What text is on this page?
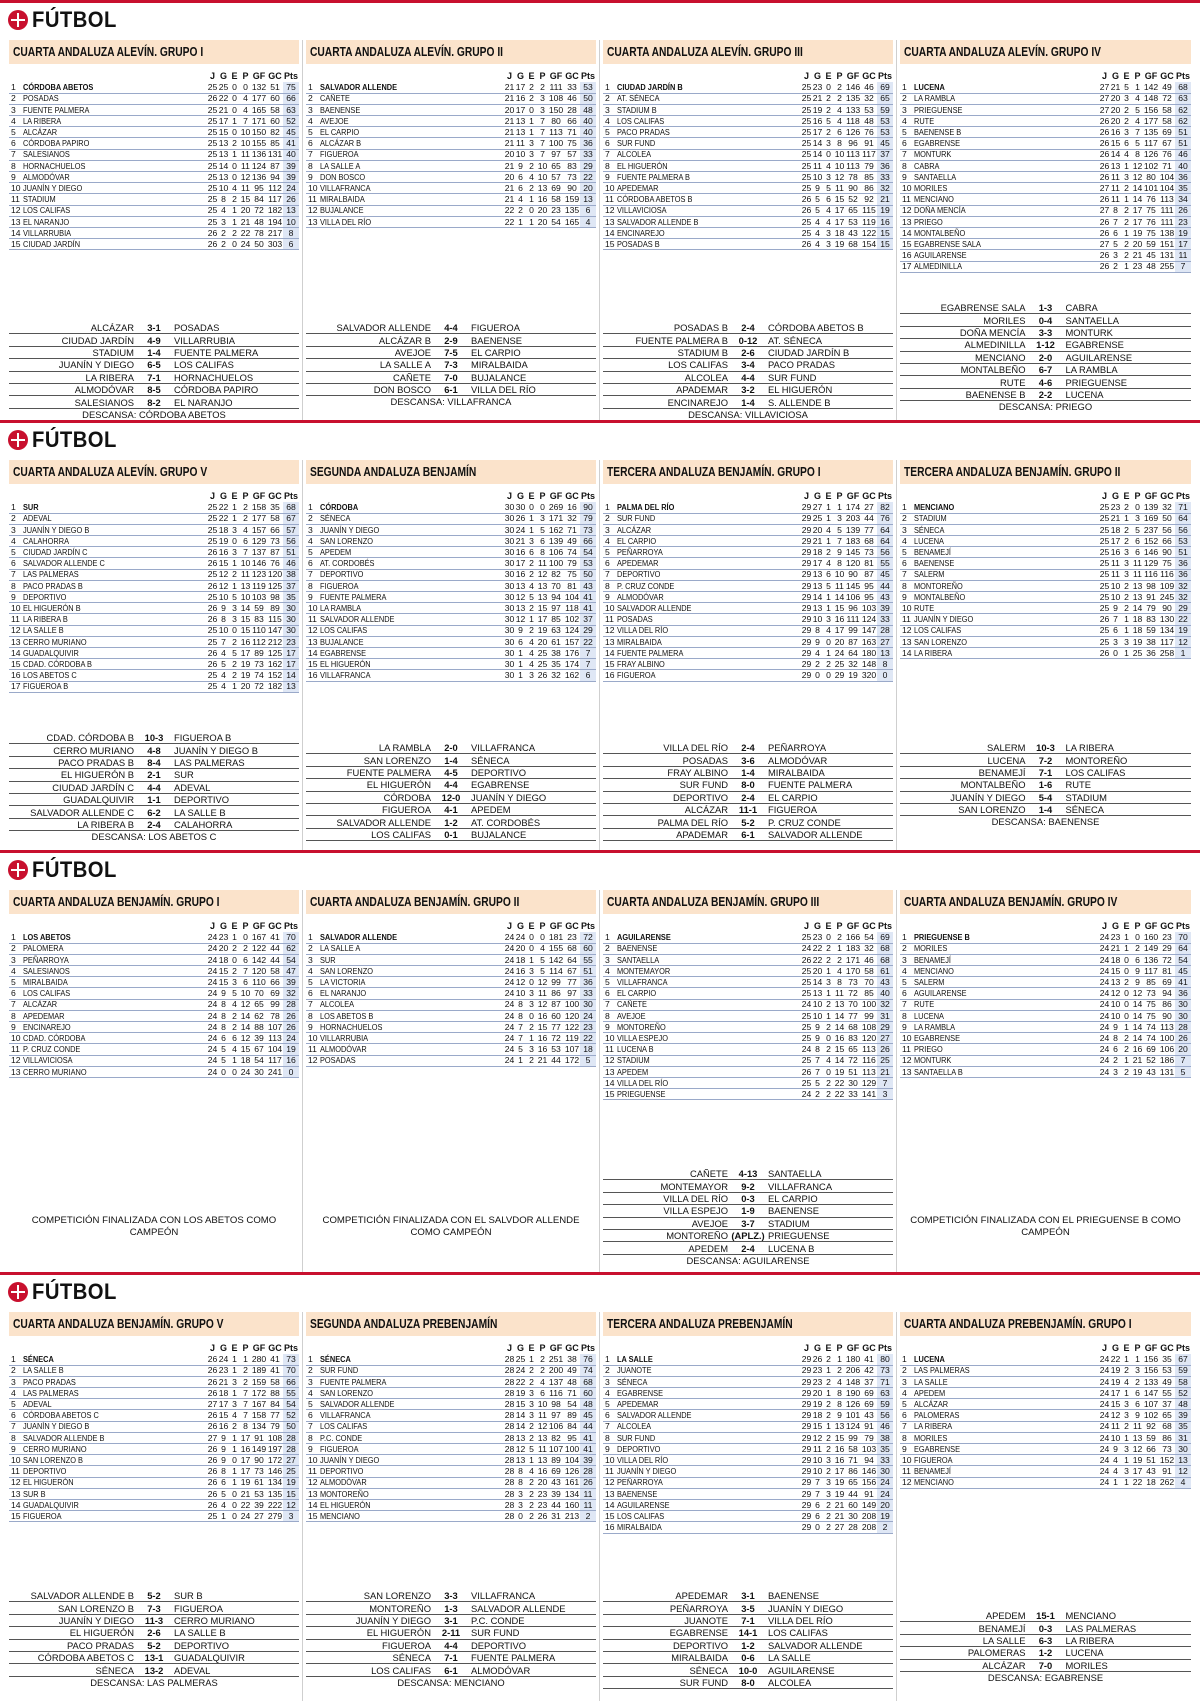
FÚTBOL
CUARTA ANDALUZA ALEVÍN. GRUPO I
		J	G	E	P	GF	GC	Pts
1	CÓRDOBA ABETOS	25	25	0	0	132	51	75
2	POSADAS	26	22	0	4	177	60	66
3	FUENTE PALMERA	25	21	0	4	165	58	63
4	LA RIBERA	25	17	1	7	171	60	52
5	ALCÁZAR	25	15	0	10	150	82	45
6	CÓRDOBA PAPIRO	25	13	2	10	155	85	41
7	SALESIANOS	25	13	1	11	136	131	40
8	HORNACHUELOS	25	14	0	11	124	87	39
9	ALMODÓVAR	25	13	0	12	136	94	39
10	JUANÍN Y DIEGO	25	10	4	11	95	112	24
11	STADIUM	25	8	2	15	84	117	26
12	LOS CALIFAS	25	4	1	20	72	182	13
13	EL NARANJO	25	3	1	21	48	194	10
14	VILLARRUBIA	26	2	2	22	78	217	8
15	CIUDAD JARDÍN	26	2	0	24	50	303	6
ALCÁZAR	3-1	POSADAS
CIUDAD JARDÍN	4-9	VILLARRUBIA
STADIUM	1-4	FUENTE PALMERA
JUANÍN Y DIEGO	6-5	LOS CALIFAS
LA RIBERA	7-1	HORNACHUELOS
ALMODÓVAR	8-5	CÓRDOBA PAPIRO
SALESIANOS	8-2	EL NARANJO
DESCANSA: CÓRDOBA ABETOS
CUARTA ANDALUZA ALEVÍN. GRUPO II
		J	G	E	P	GF	GC	Pts
1	SALVADOR ALLENDE	21	17	2	2	111	33	53
2	CAÑETE	21	16	2	3	108	46	50
3	BAENENSE	20	17	0	3	150	28	48
4	AVEJOE	21	13	1	7	80	66	40
5	EL CARPIO	21	13	1	7	113	71	40
6	ALCÁZAR B	21	11	3	7	100	75	36
7	FIGUEROA	20	10	3	7	97	57	33
8	LA SALLE A	21	9	2	10	65	83	29
9	DON BOSCO	20	6	4	10	57	73	22
10	VILLAFRANCA	21	6	2	13	69	90	20
11	MIRALBAIDA	21	4	1	16	58	159	13
12	BUJALANCE	22	2	0	20	23	135	6
13	VILLA DEL RÍO	22	1	1	20	54	165	4
SALVADOR ALLENDE	4-4	FIGUEROA
ALCÁZAR B	2-9	BAENENSE
AVEJOE	7-5	EL CARPIO
LA SALLE A	7-3	MIRALBAIDA
CAÑETE	7-0	BUJALANCE
DON BOSCO	6-1	VILLA DEL RÍO
DESCANSA: VILLAFRANCA
CUARTA ANDALUZA ALEVÍN. GRUPO III
		J	G	E	P	GF	GC	Pts
1	CIUDAD JARDÍN B	25	23	0	2	146	46	69
2	AT. SÉNECA	25	21	2	2	135	32	65
3	STADIUM B	25	19	2	4	133	53	59
4	LOS CALIFAS	25	16	5	4	118	48	53
5	PACO PRADAS	25	17	2	6	126	76	53
6	SUR FUND	25	14	3	8	96	91	45
7	ALCOLEA	25	14	0	10	113	117	37
8	EL HIGUERÓN	25	11	4	10	113	79	36
9	FUENTE PALMERA B	25	10	3	12	78	85	33
10	APEDEMAR	25	9	5	11	90	86	32
11	CÓRDOBA ABETOS B	26	5	6	15	52	92	21
12	VILLAVICIOSA	26	5	4	17	65	115	19
13	SALVADOR ALLENDE B	25	4	4	17	53	119	16
14	ENCINAREJO	25	4	3	18	43	122	15
15	POSADAS B	26	4	3	19	68	154	15
POSADAS B	2-4	CÓRDOBA ABETOS B
FUENTE PALMERA B	0-12	AT. SÉNECA
STADIUM B	2-6	CIUDAD JARDÍN B
LOS CALIFAS	3-4	PACO PRADAS
ALCOLEA	4-4	SUR FUND
APADEMAR	3-2	EL HIGUERÓN
ENCINAREJO	1-4	S. ALLENDE B
DESCANSA: VILLAVICIOSA
CUARTA ANDALUZA ALEVÍN. GRUPO IV
		J	G	E	P	GF	GC	Pts
1	LUCENA	27	21	5	1	142	49	68
2	LA RAMBLA	27	20	3	4	148	72	63
3	PRIEGUENSE	27	20	2	5	156	58	62
4	RUTE	26	20	2	4	177	58	62
5	BAENENSE B	26	16	3	7	135	69	51
6	EGABRENSE	26	15	6	5	117	67	51
7	MONTURK	26	14	4	8	126	76	46
8	CABRA	26	13	1	12	102	71	40
9	SANTAELLA	26	11	3	12	80	104	36
10	MORILES	27	11	2	14	101	104	35
11	MENCIANO	26	11	1	14	76	113	34
12	DOÑA MENCÍA	27	8	2	17	75	111	26
13	PRIEGO	26	7	2	17	76	111	23
14	MONTALBEÑO	26	6	1	19	75	138	19
15	EGABRENSE SALA	27	5	2	20	59	151	17
16	AGUILARENSE	26	3	2	21	45	131	11
17	ALMEDINILLA	26	2	1	23	48	255	7
EGABRENSE SALA	1-3	CABRA
MORILES	0-4	SANTAELLA
DOÑA MENCÍA	3-3	MONTURK
ALMEDINILLA	1-12	EGABRENSE
MENCIANO	2-0	AGUILARENSE
MONTALBEÑO	6-7	LA RAMBLA
RUTE	4-6	PRIEGUENSE
BAENENSE B	2-2	LUCENA
DESCANSA: PRIEGO
FÚTBOL
CUARTA ANDALUZA ALEVÍN. GRUPO V
		J	G	E	P	GF	GC	Pts
1	SUR	25	22	1	2	158	35	68
2	ADEVAL	25	22	1	2	177	58	67
3	JUANÍN Y DIEGO B	25	18	3	4	157	66	57
4	CALAHORRA	25	19	0	6	129	73	56
5	CIUDAD JARDÍN C	26	16	3	7	137	87	51
6	SALVADOR ALLENDE C	26	15	1	10	146	76	46
7	LAS PALMERAS	25	12	2	11	123	120	38
8	PACO PRADAS B	26	12	1	13	119	125	37
9	DEPORTIVO	25	10	5	10	103	98	35
10	EL HIGUERÓN B	26	9	3	14	59	89	30
11	LA RIBERA B	26	8	3	15	83	115	30
12	LA SALLE B	25	10	0	15	110	147	30
13	CERRO MURIANO	25	7	2	16	112	212	23
14	GUADALQUIVIR	26	4	5	17	89	125	17
15	CDAD. CÓRDOBA B	26	5	2	19	73	162	17
16	LOS ABETOS C	25	4	2	19	74	152	14
17	FIGUEROA B	25	4	1	20	72	182	13
CDAD. CÓRDOBA B	10-3	FIGUEROA B
CERRO MURIANO	4-8	JUANÍN Y DIEGO B
PACO PRADAS B	8-4	LAS PALMERAS
EL HIGUERÓN B	2-1	SUR
CIUDAD JARDÍN C	4-4	ADEVAL
GUADALQUIVIR	1-1	DEPORTIVO
SALVADOR ALLENDE C	6-2	LA SALLE B
LA RIBERA B	2-4	CALAHORRA
DESCANSA: LOS ABETOS C
SEGUNDA ANDALUZA BENJAMÍN
		J	G	E	P	GF	GC	Pts
1	CÓRDOBA	30	30	0	0	269	16	90
2	SÉNECA	30	26	1	3	171	32	79
3	JUANÍN Y DIEGO	30	24	1	5	162	71	73
4	SAN LORENZO	30	21	3	6	139	49	66
5	APEDEM	30	16	6	8	106	74	54
6	AT. CORDOBÉS	30	17	2	11	100	79	53
7	DEPORTIVO	30	16	2	12	82	75	50
8	FIGUEROA	30	13	4	13	70	81	43
9	FUENTE PALMERA	30	12	5	13	94	104	41
10	LA RAMBLA	30	13	2	15	97	118	41
11	SALVADOR ALLENDE	30	12	1	17	85	102	37
12	LOS CALIFAS	30	9	2	19	63	124	29
13	BUJALANCE	30	6	4	20	61	157	22
14	EGABRENSE	30	1	4	25	38	176	7
15	EL HIGUERÓN	30	1	4	25	35	174	7
16	VILLAFRANCA	30	1	3	26	32	162	6
LA RAMBLA	2-0	VILLAFRANCA
SAN LORENZO	1-4	SÉNECA
FUENTE PALMERA	4-5	DEPORTIVO
EL HIGUERÓN	4-4	EGABRENSE
CÓRDOBA	12-0	JUANÍN Y DIEGO
FIGUEROA	4-1	APEDEM
SALVADOR ALLENDE	1-2	AT. CORDOBÉS
LOS CALIFAS	0-1	BUJALANCE
TERCERA ANDALUZA BENJAMÍN. GRUPO I
		J	G	E	P	GF	GC	Pts
1	PALMA DEL RÍO	29	27	1	1	174	27	82
2	SUR FUND	29	25	1	3	203	44	76
3	ALCÁZAR	29	20	4	5	139	77	64
4	EL CARPIO	29	21	1	7	183	68	64
5	PEÑARROYA	29	18	2	9	145	73	56
6	APEDEMAR	29	17	4	8	120	81	55
7	DEPORTIVO	29	13	6	10	90	87	45
8	P. CRUZ CONDE	29	13	5	11	145	95	44
9	ALMODÓVAR	29	14	1	14	106	95	43
10	SALVADOR ALLENDE	29	13	1	15	96	103	39
11	POSADAS	29	10	3	16	111	124	33
12	VILLA DEL RÍO	29	8	4	17	99	147	28
13	MIRALBAIDA	29	9	0	20	87	163	27
14	FUENTE PALMERA	29	4	1	24	64	180	13
15	FRAY ALBINO	29	2	2	25	32	148	8
16	FIGUEROA	29	0	0	29	19	320	0
VILLA DEL RÍO	2-4	PEÑARROYA
POSADAS	3-6	ALMODÓVAR
FRAY ALBINO	1-4	MIRALBAIDA
SUR FUND	8-0	FUENTE PALMERA
DEPORTIVO	2-4	EL CARPIO
ALCÁZAR	11-1	FIGUEROA
PALMA DEL RÍO	5-2	P. CRUZ CONDE
APADEMAR	6-1	SALVADOR ALLENDE
TERCERA ANDALUZA BENJAMÍN. GRUPO II
		J	G	E	P	GF	GC	Pts
1	MENCIANO	25	23	2	0	139	32	71
2	STADIUM	25	21	1	3	169	50	64
3	SÉNECA	25	18	2	5	237	56	56
4	LUCENA	25	17	2	6	152	66	53
5	BENAMEJÍ	25	16	3	6	146	90	51
6	BAENENSE	25	11	3	11	129	75	36
7	SALERM	25	11	3	11	116	116	36
8	MONTOREÑO	25	10	2	13	98	109	32
9	MONTALBEÑO	25	10	2	13	91	245	32
10	RUTE	25	9	2	14	79	90	29
11	JUANÍN Y DIEGO	26	7	1	18	83	130	22
12	LOS CALIFAS	25	6	1	18	59	134	19
13	SAN LORENZO	25	3	3	19	38	117	12
14	LA RIBERA	26	0	1	25	36	258	1
SALERM	10-3	LA RIBERA
LUCENA	7-2	MONTOREÑO
BENAMEJÍ	7-1	LOS CALIFAS
MONTALBEÑO	1-6	RUTE
JUANÍN Y DIEGO	5-4	STADIUM
SAN LORENZO	1-4	SÉNECA
DESCANSA: BAENENSE
FÚTBOL
CUARTA ANDALUZA BENJAMÍN. GRUPO I
		J	G	E	P	GF	GC	Pts
1	LOS ABETOS	24	23	1	0	167	41	70
2	PALOMERA	24	20	2	2	122	44	62
3	PEÑARROYA	24	18	0	6	142	44	54
4	SALESIANOS	24	15	2	7	120	58	47
5	MIRALBAIDA	24	15	3	6	110	66	39
6	LOS CALIFAS	24	9	5	10	70	69	32
7	ALCÁZAR	24	8	4	12	65	99	28
8	APEDEMAR	24	8	2	14	62	78	26
9	ENCINAREJO	24	8	2	14	88	107	26
10	CDAD. CÓRDOBA	24	6	6	12	39	113	24
11	P. CRUZ CONDE	24	5	4	15	67	104	19
12	VILLAVICIOSA	24	5	1	18	54	117	16
13	CERRO MURIANO	24	0	0	24	30	241	0
COMPETICIÓN FINALIZADA CON LOS ABETOS COMO CAMPEÓN
CUARTA ANDALUZA BENJAMÍN. GRUPO II
		J	G	E	P	GF	GC	Pts
1	SALVADOR ALLENDE	24	24	0	0	181	23	72
2	LA SALLE A	24	20	0	4	155	68	60
3	SUR	24	18	1	5	142	64	55
4	SAN LORENZO	24	16	3	5	114	67	51
5	LA VICTORIA	24	12	0	12	99	77	36
6	EL NARANJO	24	10	3	11	86	97	33
7	ALCOLEA	24	8	3	12	87	100	30
8	LOS ABETOS B	24	8	0	16	60	120	24
9	HORNACHUELOS	24	7	2	15	77	122	23
10	VILLARRUBIA	24	7	1	16	72	119	22
11	ALMODÓVAR	24	5	3	16	53	107	18
12	POSADAS	24	1	2	21	44	172	5
COMPETICIÓN FINALIZADA CON EL SALVDOR ALLENDE COMO CAMPEÓN
CUARTA ANDALUZA BENJAMÍN. GRUPO III
		J	G	E	P	GF	GC	Pts
1	AGUILARENSE	25	23	0	2	166	54	69
2	BAENENSE	24	22	2	1	183	32	68
3	SANTAELLA	26	22	2	2	171	46	68
4	MONTEMAYOR	25	20	1	4	170	58	61
5	VILLAFRANCA	25	14	3	8	73	70	43
6	EL CARPIO	25	13	1	11	72	85	40
7	CAÑETE	24	10	2	13	70	100	32
8	AVEJOE	25	10	1	14	77	99	31
9	MONTOREÑO	25	9	2	14	68	108	29
10	VILLA ESPEJO	25	9	0	16	83	120	27
11	LUCENA B	24	8	2	15	65	113	26
12	STADIUM	25	7	4	14	72	116	25
13	APEDEM	26	7	0	19	51	113	21
14	VILLA DEL RÍO	25	5	2	22	30	129	7
15	PRIEGUENSE	24	2	2	22	33	141	3
CAÑETE	4-13	SANTAELLA
MONTEMAYOR	9-2	VILLAFRANCA
VILLA DEL RÍO	0-3	EL CARPIO
VILLA ESPEJO	1-9	BAENENSE
AVEJOE	3-7	STADIUM
MONTOREÑO (APLZ.) PRIEGUENSE
APEDEM	2-4	LUCENA B
DESCANSA: AGUILARENSE
CUARTA ANDALUZA BENJAMÍN. GRUPO IV
		J	G	E	P	GF	GC	Pts
1	PRIEGUENSE B	24	23	1	0	160	23	70
2	MORILES	24	21	1	2	149	29	64
3	BENAMEJÍ	24	18	0	6	136	72	54
4	MENCIANO	24	15	0	9	117	81	45
5	SALERM	24	13	2	9	85	69	41
6	AGUILARENSE	24	12	0	12	73	94	36
7	RUTE	24	10	0	14	75	86	30
8	LUCENA	24	10	0	14	75	90	30
9	LA RAMBLA	24	9	1	14	74	113	28
10	EGABRENSE	24	8	2	14	74	100	26
11	PRIEGO	24	6	2	16	69	106	20
12	MONTURK	24	2	1	21	52	186	7
13	SANTAELLA B	24	3	2	19	43	131	5
COMPETICIÓN FINALIZADA CON EL PRIEGUENSE B COMO CAMPEÓN
FÚTBOL
CUARTA ANDALUZA BENJAMÍN. GRUPO V
		J	G	E	P	GF	GC	Pts
1	SÉNECA	26	24	1	1	280	41	73
2	LA SALLE B	26	23	1	2	189	41	70
3	PACO PRADAS	26	21	3	2	159	58	66
4	LAS PALMERAS	26	18	1	7	172	88	55
5	ADEVAL	27	17	3	7	167	84	54
6	CÓRDOBA ABETOS C	26	15	4	7	158	77	52
7	JUANÍN Y DIEGO B	26	16	2	8	134	79	50
8	SALVADOR ALLENDE B	27	9	1	17	91	108	28
9	CERRO MURIANO	26	9	1	16	149	197	28
10	SAN LORENZO B	26	9	0	17	90	172	27
11	DEPORTIVO	26	8	1	17	73	146	25
12	EL HIGUERÓN	26	6	1	19	61	134	19
13	SUR B	26	5	0	21	53	135	15
14	GUADALQUIVIR	26	4	0	22	39	222	12
15	FIGUEROA	25	1	0	24	27	279	3
SALVADOR ALLENDE B	5-2	SUR B
SAN LORENZO B	7-3	FIGUEROA
JUANÍN Y DIEGO	11-3	CERRO MURIANO
EL HIGUERÓN	2-6	LA SALLE B
PACO PRADAS	5-2	DEPORTIVO
CÓRDOBA ABETOS C	13-1	GUADALQUIVIR
SÉNECA	13-2	ADEVAL
DESCANSA: LAS PALMERAS
SEGUNDA ANDALUZA PREBENJAMÍN
		J	G	E	P	GF	GC	Pts
1	SÉNECA	28	25	1	2	251	38	76
2	SUR FUND	28	24	2	2	200	49	74
3	FUENTE PALMERA	28	22	2	4	137	48	68
4	SAN LORENZO	28	19	3	6	116	71	60
5	SALVADOR ALLENDE	28	15	3	10	98	54	48
6	VILLAFRANCA	28	14	3	11	97	89	45
7	LOS CALIFAS	28	14	2	12	106	84	44
8	P.C. CONDE	28	13	2	13	82	95	41
9	FIGUEROA	28	12	5	11	107	100	41
10	JUANÍN Y DIEGO	28	13	1	13	89	104	39
11	DEPORTIVO	28	8	4	16	69	126	28
12	ALMODÓVAR	28	8	2	20	43	161	26
13	MONTOREÑO	28	3	2	23	39	134	11
14	EL HIGUERÓN	28	3	2	23	44	160	11
15	MENCIANO	28	0	2	26	31	213	2
SAN LORENZO	3-3	VILLAFRANCA
MONTOREÑO	1-3	SALVADOR ALLENDE
JUANÍN Y DIEGO	3-1	P.C. CONDE
EL HIGUERÓN	2-11	SUR FUND
FIGUEROA	4-4	DEPORTIVO
SÉNECA	7-1	FUENTE PALMERA
LOS CALIFAS	6-1	ALMODÓVAR
DESCANSA: MENCIANO
TERCERA ANDALUZA PREBENJAMÍN
		J	G	E	P	GF	GC	Pts
1	LA SALLE	29	26	2	1	180	41	80
2	JUANOTE	29	23	1	2	206	42	73
3	SÉNECA	29	23	2	4	148	37	71
4	EGABRENSE	29	20	1	8	190	69	63
5	APEDEMAR	29	19	2	8	126	69	59
6	SALVADOR ALLENDE	29	18	2	9	101	43	56
7	ALCOLEA	29	15	1	13	124	91	46
8	SUR FUND	29	12	2	15	99	79	38
9	DEPORTIVO	29	11	2	16	58	103	35
10	VILLA DEL RÍO	29	10	3	16	71	94	33
11	JUANÍN Y DIEGO	29	10	2	17	86	146	30
12	PEÑARROYA	29	7	3	19	65	156	24
13	BAENENSE	29	7	3	19	44	91	24
14	AGUILARENSE	29	6	2	21	60	149	20
15	LOS CALIFAS	29	6	2	21	30	208	19
16	MIRALBAIDA	29	0	2	27	28	208	2
APEDEMAR	3-1	BAENENSE
PEÑARROYA	3-5	JUANÍN Y DIEGO
JUANOTE	7-1	VILLA DEL RÍO
EGABRENSE	14-1	LOS CALIFAS
DEPORTIVO	1-2	SALVADOR ALLENDE
MIRALBAIDA	0-6	LA SALLE
SÉNECA	10-0	AGUILARENSE
SUR FUND	8-0	ALCOLEA
CUARTA ANDALUZA PREBENJAMÍN. GRUPO I
		J	G	E	P	GF	GC	Pts
1	LUCENA	24	22	1	1	156	35	67
2	LAS PALMERAS	24	19	2	3	156	53	59
3	LA SALLE	24	19	4	2	133	49	58
4	APEDEM	24	17	1	6	147	55	52
5	ALCÁZAR	24	15	3	6	107	37	48
6	PALOMERAS	24	12	3	9	102	65	39
7	LA RIBERA	24	11	2	11	92	68	35
8	MORILES	24	10	1	13	59	86	31
9	EGABRENSE	24	9	3	12	66	73	30
10	FIGUEROA	24	4	1	19	51	152	13
11	BENAMEJÍ	24	4	3	17	43	91	12
12	MENCIANO	24	1	1	22	18	262	4
APEDEM	15-1	MENCIANO
BENAMEJÍ	0-3	LAS PALMERAS
LA SALLE	6-3	LA RIBERA
PALOMERAS	1-2	LUCENA
ALCÁZAR	7-0	MORILES
DESCANSA: EGABRENSE
